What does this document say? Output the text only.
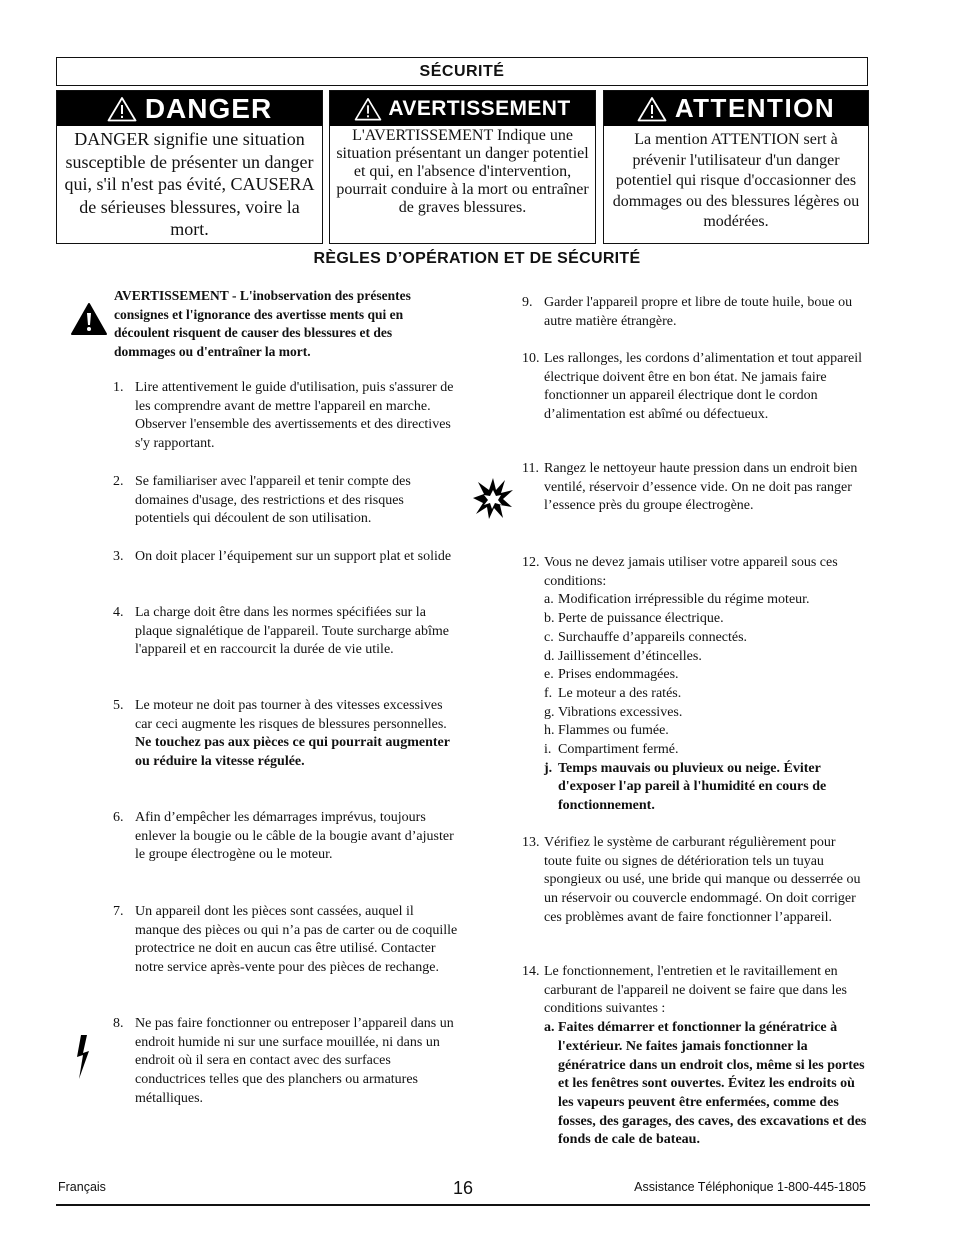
SÉCURITÉ
DANGER
DANGER signifie une situation susceptible de présenter un danger qui, s'il n'est pas évité, CAUSERA de sérieuses blessures, voire la mort.
AVERTISSEMENT
L'AVERTISSEMENT Indique une situation présentant un danger potentiel et qui, en l'absence d'intervention, pourrait conduire à la mort ou entraîner de graves blessures.
ATTENTION
La mention ATTENTION sert à prévenir l'utilisateur d'un danger potentiel qui risque d'occasionner des dommages ou des blessures légères ou modérées.
RÈGLES D’OPÉRATION ET DE SÉCURITÉ
AVERTISSEMENT - L'inobservation des présentes consignes et l'ignorance des avertisse ments qui en découlent risquent de causer des blessures et des dommages ou d'entraîner la mort.
1. Lire attentivement le guide d'utilisation, puis s'assurer de les comprendre avant de mettre l'appareil en marche. Observer l'ensemble des avertissements et des directives s'y rapportant.

2. Se familiariser avec l'appareil et tenir compte des domaines d'usage, des restrictions et des risques potentiels qui découlent de son utilisation.

3. On doit placer l’équipement sur un support plat et solide

4. La charge doit être dans les normes spécifiées sur la plaque signalétique de l'appareil. Toute surcharge abîme l'appareil et en raccourcit la durée de vie utile.

5. Le moteur ne doit pas tourner à des vitesses excessives car ceci augmente les risques de blessures personnelles.

Ne touchez pas aux pièces ce qui pourrait augmenter ou réduire la vitesse régulée.

6. Afin d’empêcher les démarrages imprévus, toujours enlever la bougie ou le câble de la bougie avant d’ajuster le groupe électrogène ou le moteur.

7. Un appareil dont les pièces sont cassées, auquel il manque des pièces ou qui n’a pas de carter ou de coquille protectrice ne doit en aucun cas être utilisé. Contacter notre service après-vente pour des pièces de rechange.

8. Ne pas faire fonctionner ou entreposer l’appareil dans un endroit humide ni sur une surface mouillée, ni dans un endroit où il sera en contact avec des surfaces conductrices telles que des planchers ou armatures métalliques.

9. Garder l'appareil propre et libre de toute huile, boue ou autre matière étrangère.

10. Les rallonges, les cordons d’alimentation et tout appareil électrique doivent être en bon état. Ne jamais faire fonctionner un appareil électrique dont le cordon d’alimentation est abîmé ou défectueux.

11. Rangez le nettoyeur haute pression dans un endroit bien ventilé, réservoir d’essence vide. On ne doit pas ranger l’essence près du groupe électrogène.

12. Vous ne devez jamais utiliser votre appareil sous ces conditions:

a. Modification irrépressible du régime moteur.
b. Perte de puissance électrique.
c. Surchauffe d’appareils connectés.
d. Jaillissement d’étincelles.
e. Prises endommagées.
f. Le moteur a des ratés.
g. Vibrations excessives.
h. Flammes ou fumée.
i. Compartiment fermé.
j. Temps mauvais ou pluvieux ou neige. Éviter d'exposer l'ap pareil à l'humidité en cours de fonctionnement.
13. Vérifiez le système de carburant régulièrement pour toute fuite ou signes de détérioration tels un tuyau spongieux ou usé, une bride qui manque ou desserrée ou un réservoir ou couvercle endommagé. On doit corriger ces problèmes avant de faire fonctionner l’appareil.

14. Le fonctionnement, l'entretien et le ravitaillement en carburant de l'appareil ne doivent se faire que dans les conditions suivantes :

a. Faites démarrer et fonctionner la génératrice à l'extérieur. Ne faites jamais fonctionner la génératrice dans un endroit clos, même si les portes et les fenêtres sont ouvertes. Évitez les endroits où les vapeurs peuvent être enfermées, comme des fosses, des garages, des caves, des excavations et des fonds de cale de bateau.
Français	16	Assistance Téléphonique 1-800-445-1805
